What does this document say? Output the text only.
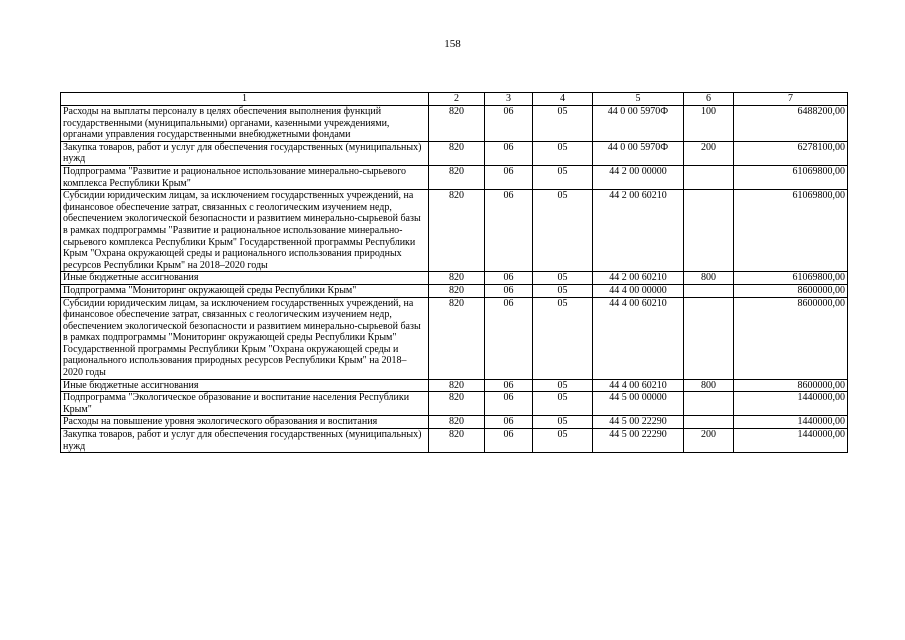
158
1	2	3	4	5	6	7
Расходы на выплаты персоналу в целях обеспечения выполнения функций государственными (муниципальными) органами, казенными учреждениями, органами управления государственными внебюджетными фондами	820	06	05	44 0 00 5970Ф	100	6488200,00
Закупка товаров, работ и услуг для обеспечения государственных (муниципальных) нужд	820	06	05	44 0 00 5970Ф	200	6278100,00
Подпрограмма "Развитие и рациональное использование минерально-сырьевого комплекса Республики Крым"	820	06	05	44 2 00 00000		61069800,00
Субсидии юридическим лицам, за исключением государственных учреждений, на финансовое обеспечение затрат, связанных с геологическим изучением недр, обеспечением экологической безопасности и развитием минерально-сырьевой базы в рамках подпрограммы "Развитие и рациональное использование минерально-сырьевого комплекса Республики Крым" Государственной программы Республики Крым "Охрана окружающей среды и рационального использования природных ресурсов Республики Крым" на 2018–2020 годы	820	06	05	44 2 00 60210		61069800,00
Иные бюджетные ассигнования	820	06	05	44 2 00 60210	800	61069800,00
Подпрограмма "Мониторинг окружающей среды Республики Крым"	820	06	05	44 4 00 00000		8600000,00
Субсидии юридическим лицам, за исключением государственных учреждений, на финансовое обеспечение затрат, связанных с геологическим изучением недр, обеспечением экологической безопасности и развитием минерально-сырьевой базы в рамках подпрограммы "Мониторинг окружающей среды Республики Крым" Государственной программы Республики Крым "Охрана окружающей среды и рационального использования природных ресурсов Республики Крым" на 2018–2020 годы	820	06	05	44 4 00 60210		8600000,00
Иные бюджетные ассигнования	820	06	05	44 4 00 60210	800	8600000,00
Подпрограмма "Экологическое образование и воспитание населения Республики Крым"	820	06	05	44 5 00 00000		1440000,00
Расходы на повышение уровня экологического образования и воспитания	820	06	05	44 5 00 22290		1440000,00
Закупка товаров, работ и услуг для обеспечения государственных (муниципальных) нужд	820	06	05	44 5 00 22290	200	1440000,00
